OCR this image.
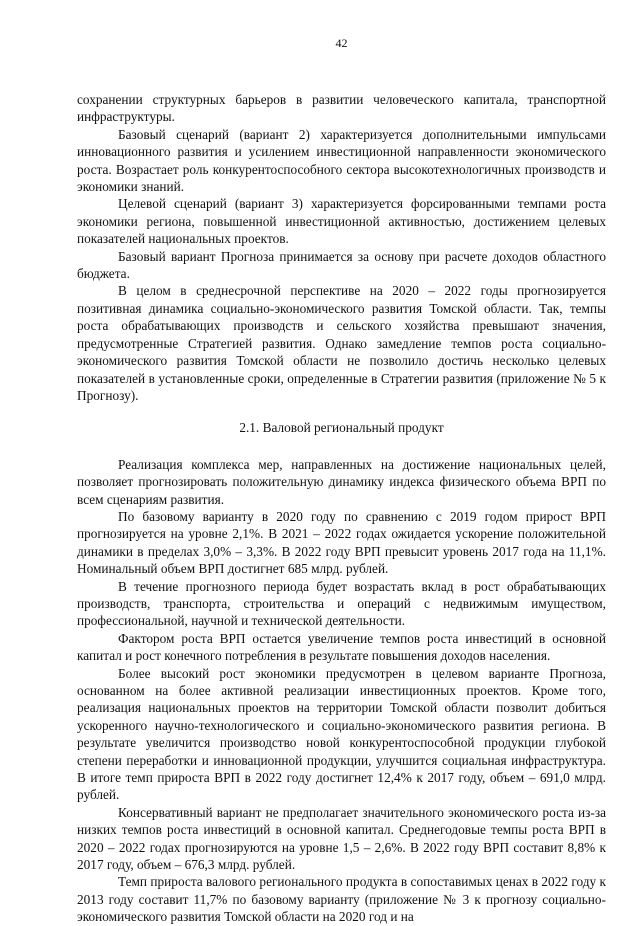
42

сохранении структурных барьеров в развитии человеческого капитала, транспортной инфраструктуры.

Базовый сценарий (вариант 2) характеризуется дополнительными импульсами инновационного развития и усилением инвестиционной направленности экономического роста. Возрастает роль конкурентоспособного сектора высокотехнологичных производств и экономики знаний.

Целевой сценарий (вариант 3) характеризуется форсированными темпами роста экономики региона, повышенной инвестиционной активностью, достижением целевых показателей национальных проектов.

Базовый вариант Прогноза принимается за основу при расчете доходов областного бюджета.

В целом в среднесрочной перспективе на 2020 – 2022 годы прогнозируется позитивная динамика социально-экономического развития Томской области. Так, темпы роста обрабатывающих производств и сельского хозяйства превышают значения, предусмотренные Стратегией развития. Однако замедление темпов роста социально-экономического развития Томской области не позволило достичь несколько целевых показателей в установленные сроки, определенные в Стратегии развития (приложение № 5 к Прогнозу).

2.1. Валовой региональный продукт

Реализация комплекса мер, направленных на достижение национальных целей, позволяет прогнозировать положительную динамику индекса физического объема ВРП по всем сценариям развития.

По базовому варианту в 2020 году по сравнению с 2019 годом прирост ВРП прогнозируется на уровне 2,1%. В 2021 – 2022 годах ожидается ускорение положительной динамики в пределах 3,0% – 3,3%. В 2022 году ВРП превысит уровень 2017 года на 11,1%. Номинальный объем ВРП достигнет 685 млрд. рублей.

В течение прогнозного периода будет возрастать вклад в рост обрабатывающих производств, транспорта, строительства и операций с недвижимым имуществом, профессиональной, научной и технической деятельности.

Фактором роста ВРП остается увеличение темпов роста инвестиций в основной капитал и рост конечного потребления в результате повышения доходов населения.

Более высокий рост экономики предусмотрен в целевом варианте Прогноза, основанном на более активной реализации инвестиционных проектов. Кроме того, реализация национальных проектов на территории Томской области позволит добиться ускоренного научно-технологического и социально-экономического развития региона. В результате увеличится производство новой конкурентоспособной продукции глубокой степени переработки и инновационной продукции, улучшится социальная инфраструктура. В итоге темп прироста ВРП в 2022 году достигнет 12,4% к 2017 году, объем – 691,0 млрд. рублей.

Консервативный вариант не предполагает значительного экономического роста из-за низких темпов роста инвестиций в основной капитал. Среднегодовые темпы роста ВРП в 2020 – 2022 годах прогнозируются на уровне 1,5 – 2,6%. В 2022 году ВРП составит 8,8% к 2017 году, объем – 676,3 млрд. рублей.

Темп прироста валового регионального продукта в сопоставимых ценах в 2022 году к 2013 году составит 11,7% по базовому варианту (приложение № 3 к прогнозу социально-экономического развития Томской области на 2020 год и на
